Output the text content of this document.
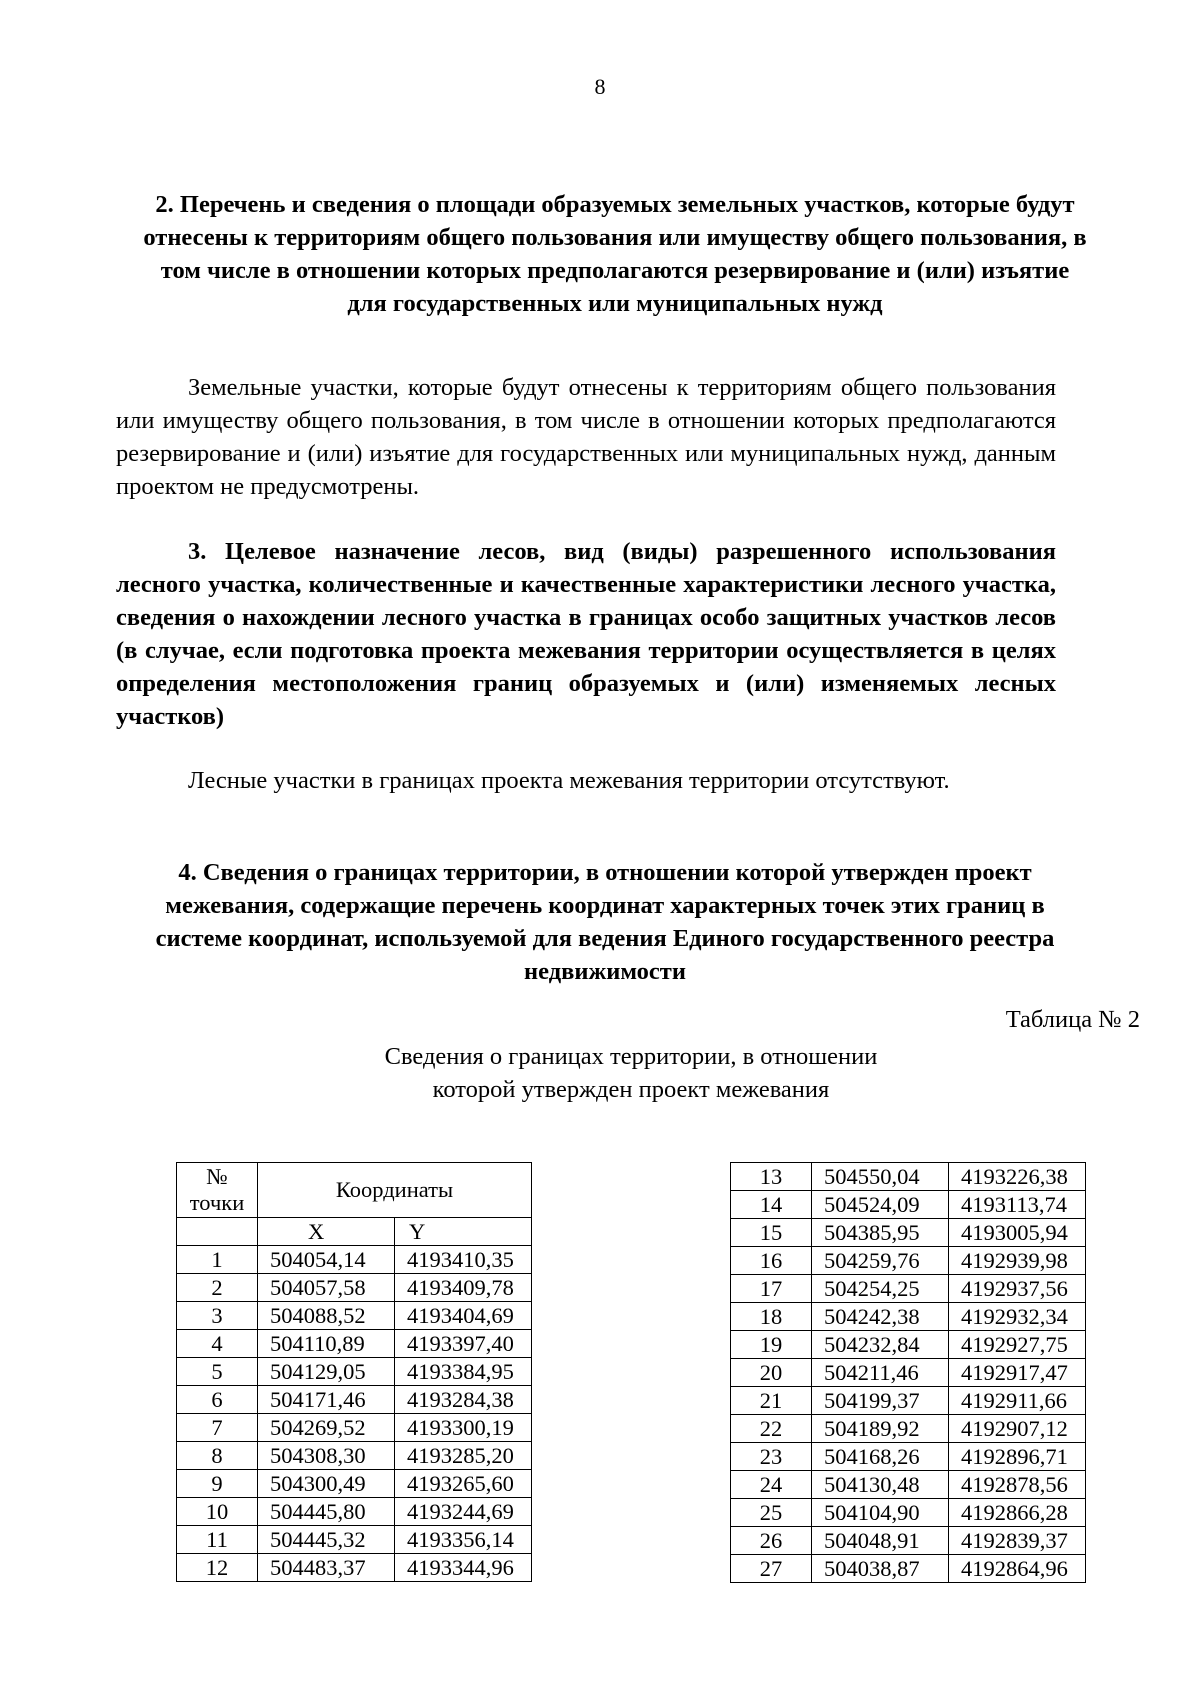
8
2. Перечень и сведения о площади образуемых земельных участков, которые будут отнесены к территориям общего пользования или имуществу общего пользования, в том числе в отношении которых предполагаются резервирование и (или) изъятие для государственных или муниципальных нужд
Земельные участки, которые будут отнесены к территориям общего пользования или имуществу общего пользования, в том числе в отношении которых предполагаются резервирование и (или) изъятие для государственных или муниципальных нужд, данным проектом не предусмотрены.
3. Целевое назначение лесов, вид (виды) разрешенного использования лесного участка, количественные и качественные характеристики лесного участка, сведения о нахождении лесного участка в границах особо защитных участков лесов (в случае, если подготовка проекта межевания территории осуществляется в целях определения местоположения границ образуемых и (или) изменяемых лесных участков)
Лесные участки в границах проекта межевания территории отсутствуют.
4. Сведения о границах территории, в отношении которой утвержден проект межевания, содержащие перечень координат характерных точек этих границ в системе координат, используемой для ведения Единого государственного реестра недвижимости
Таблица № 2
Сведения о границах территории, в отношении которой утвержден проект межевания
№ точки	Координаты	
	X	Y
1	504054,14	4193410,35
2	504057,58	4193409,78
3	504088,52	4193404,69
4	504110,89	4193397,40
5	504129,05	4193384,95
6	504171,46	4193284,38
7	504269,52	4193300,19
8	504308,30	4193285,20
9	504300,49	4193265,60
10	504445,80	4193244,69
11	504445,32	4193356,14
12	504483,37	4193344,96
13	504550,04	4193226,38
14	504524,09	4193113,74
15	504385,95	4193005,94
16	504259,76	4192939,98
17	504254,25	4192937,56
18	504242,38	4192932,34
19	504232,84	4192927,75
20	504211,46	4192917,47
21	504199,37	4192911,66
22	504189,92	4192907,12
23	504168,26	4192896,71
24	504130,48	4192878,56
25	504104,90	4192866,28
26	504048,91	4192839,37
27	504038,87	4192864,96
